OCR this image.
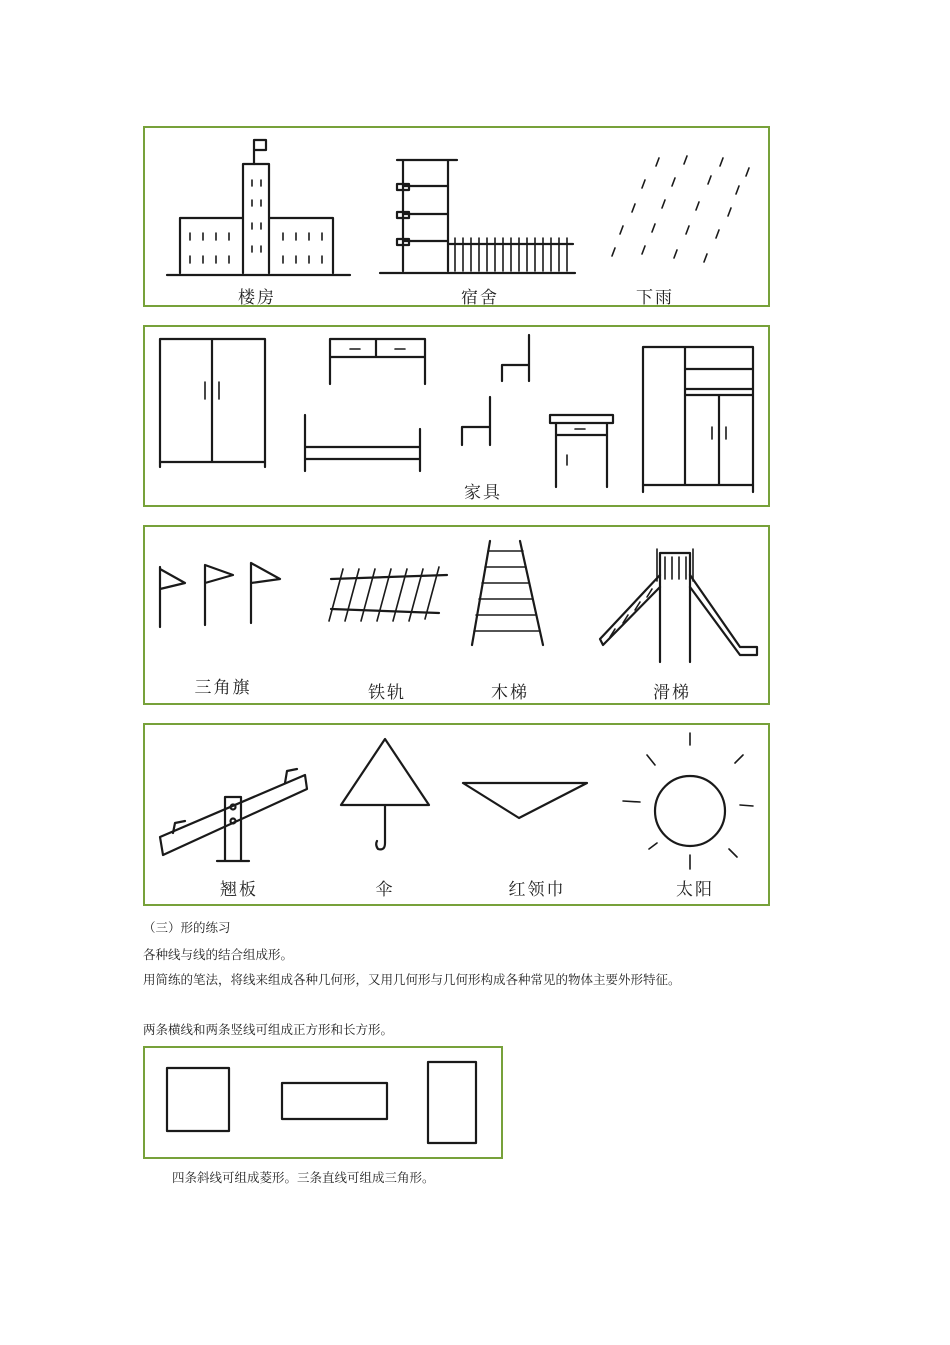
楼房	宿舍	下雨
家具
三角旗	铁轨	木梯	滑梯
翘板	伞	红领巾	太阳
（三）形的练习
各种线与线的结合组成形。
用简练的笔法，将线来组成各种几何形，又用几何形与几何形构成各种常见的物体主要外形特征。
两条横线和两条竖线可组成正方形和长方形。
四条斜线可组成菱形。三条直线可组成三角形。
